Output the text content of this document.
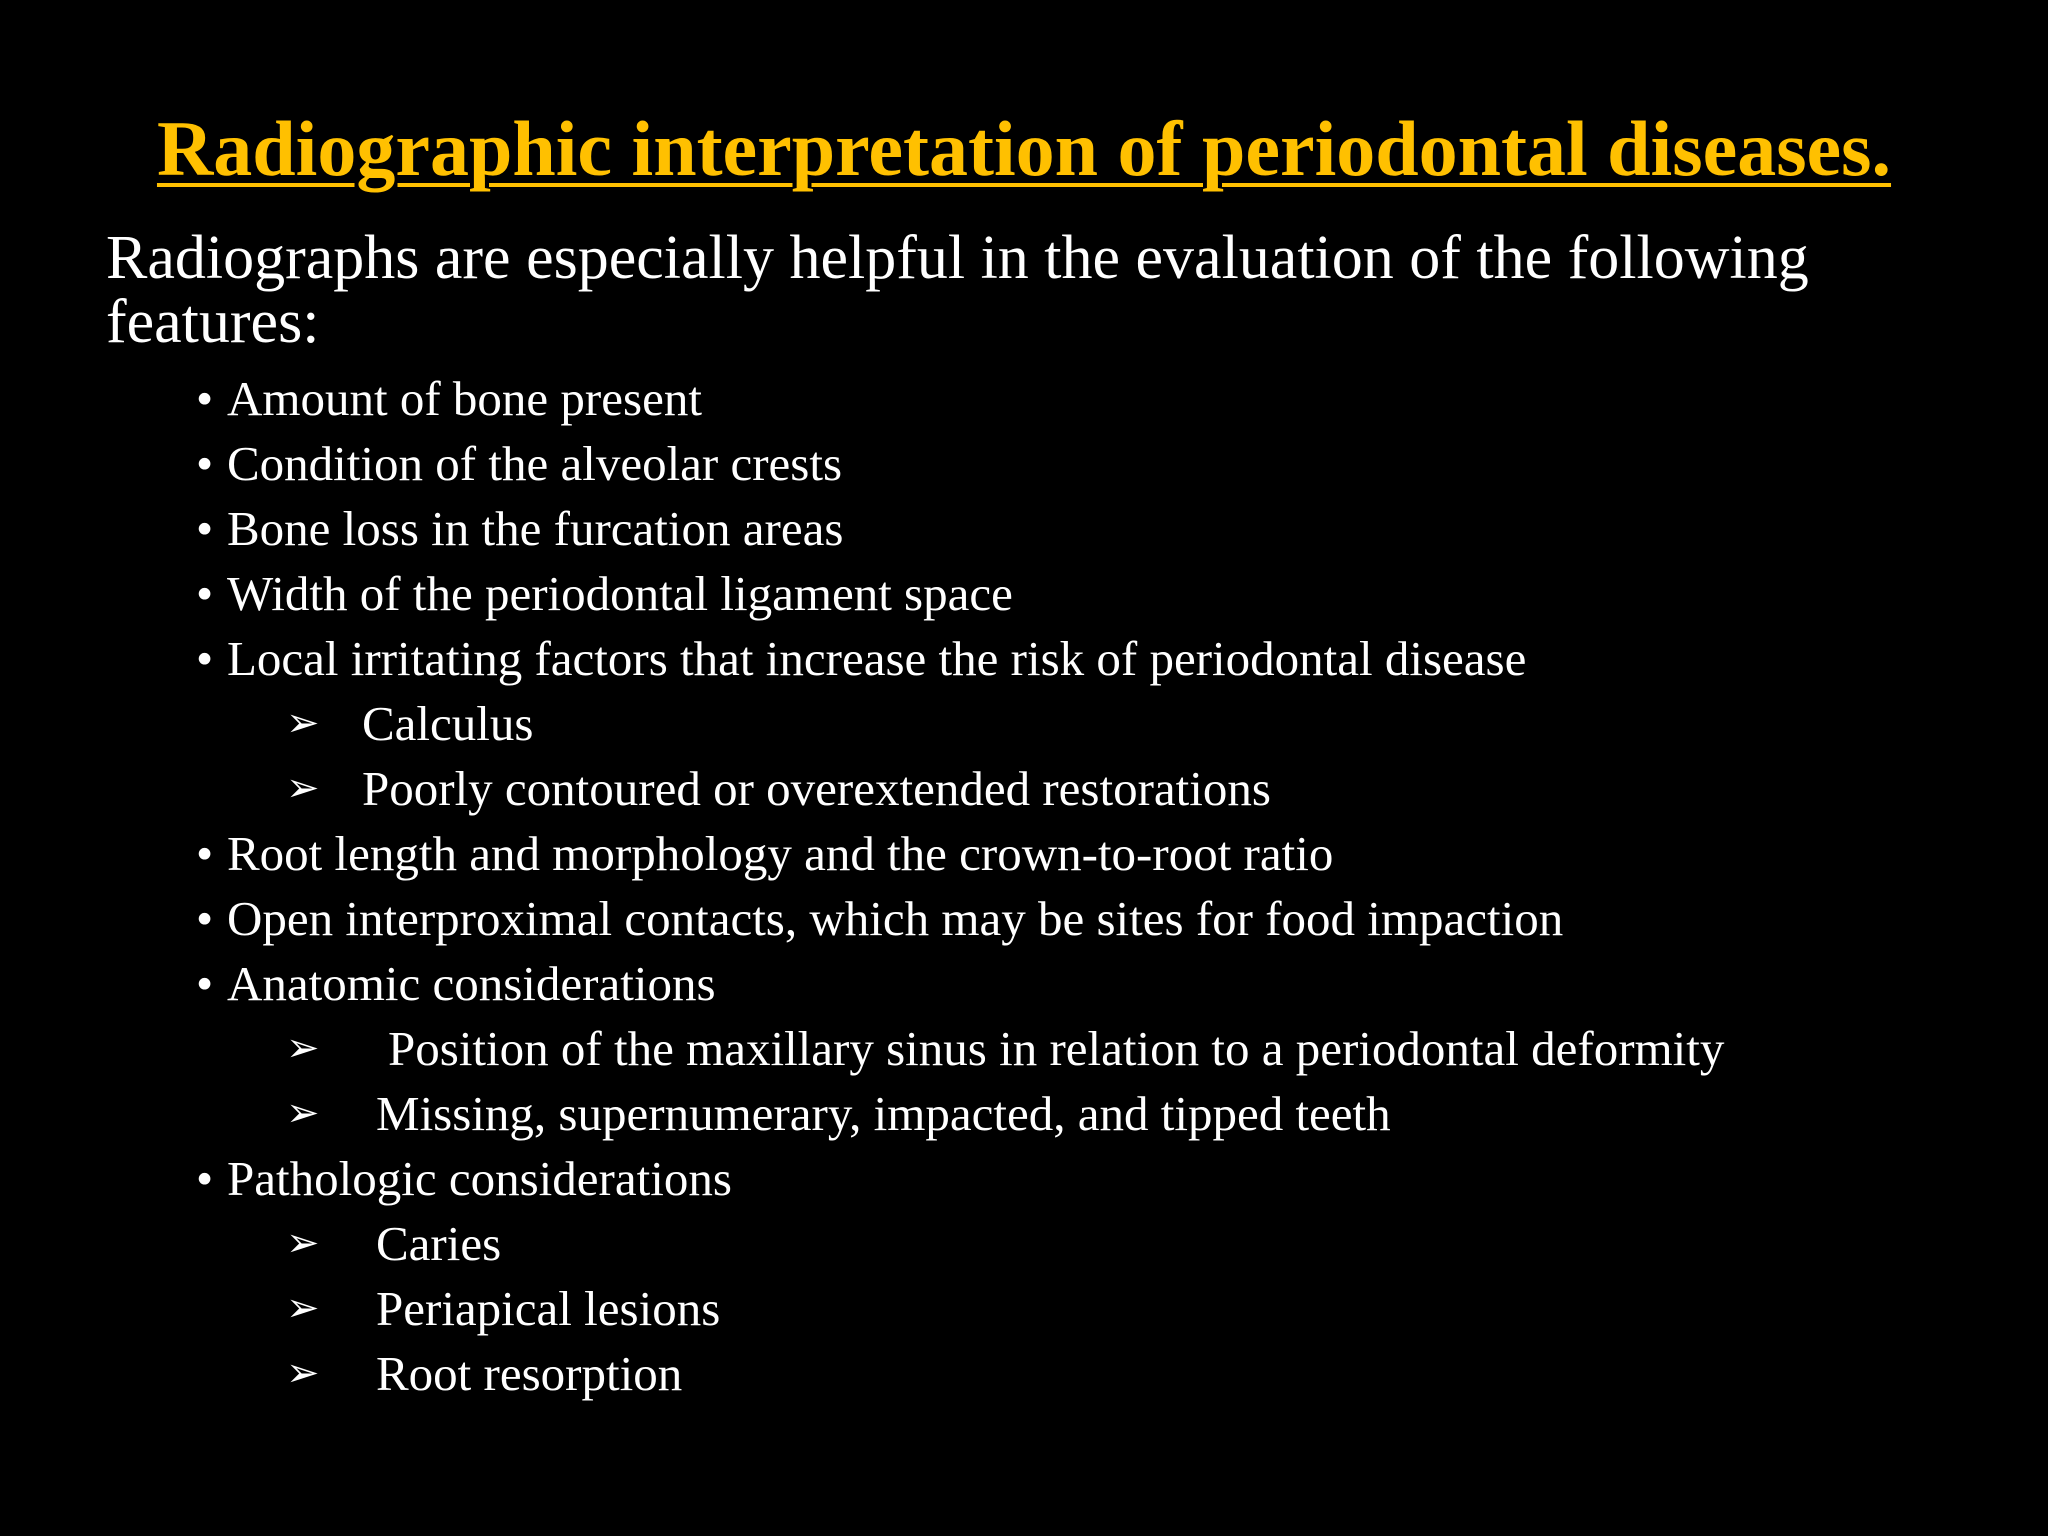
Radiographic interpretation of periodontal diseases.

Radiographs are especially helpful in the evaluation of the following features:

• Amount of bone present
• Condition of the alveolar crests
• Bone loss in the furcation areas
• Width of the periodontal ligament space
• Local irritating factors that increase the risk of periodontal disease
➢ Calculus
➢ Poorly contoured or overextended restorations
• Root length and morphology and the crown-to-root ratio
• Open interproximal contacts, which may be sites for food impaction
• Anatomic considerations
➢ Position of the maxillary sinus in relation to a periodontal deformity
➢ Missing, supernumerary, impacted, and tipped teeth
• Pathologic considerations
➢ Caries
➢ Periapical lesions
➢ Root resorption
